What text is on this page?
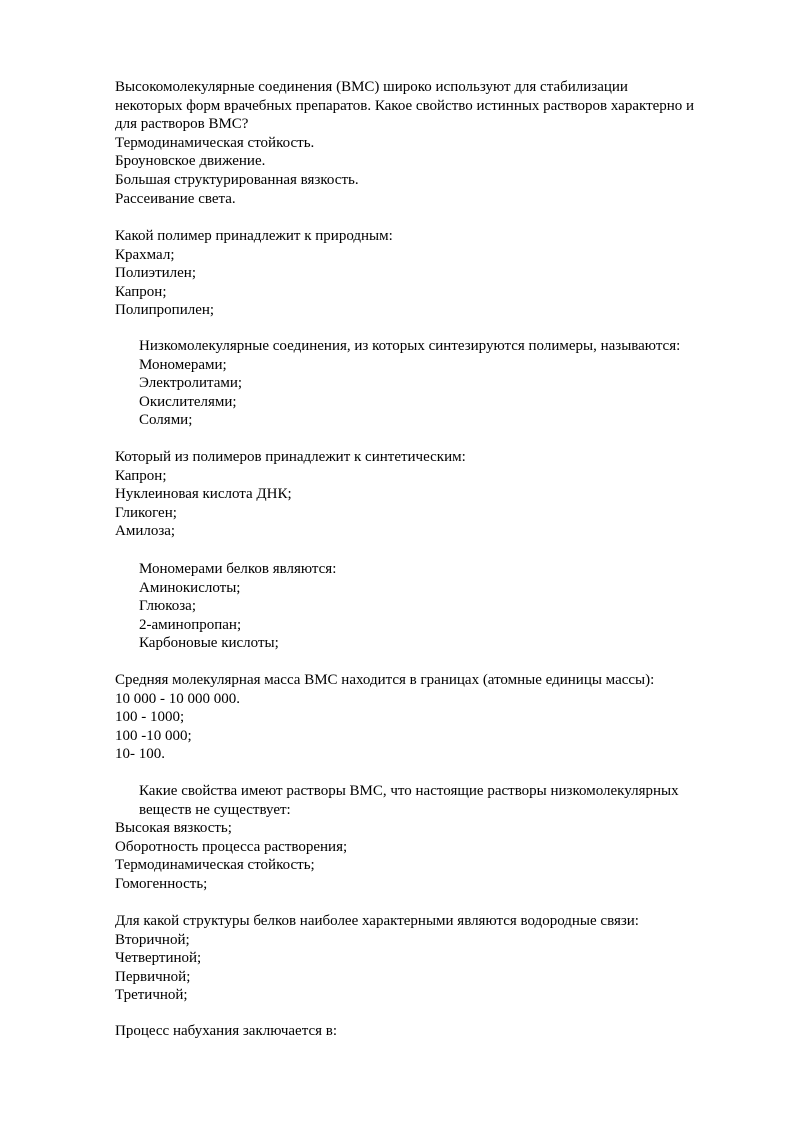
Высокомолекулярные соединения (ВМС) широко используют для стабилизации
некоторых форм врачебных препаратов. Какое свойство истинных растворов характерно и
для растворов ВМС?
Термодинамическая стойкость.
Броуновское движение.
Большая структурированная вязкость.
Рассеивание света.
Какой полимер принадлежит к природным:
Крахмал;
Полиэтилен;
Капрон;
Полипропилен;
Низкомолекулярные соединения, из которых синтезируются полимеры, называются:
Мономерами;
Электролитами;
Окислителями;
Солями;
Который из полимеров принадлежит к синтетическим:
Капрон;
Нуклеиновая кислота ДНК;
Гликоген;
Амилоза;
Мономерами белков являются:
Аминокислоты;
Глюкоза;
2-аминопропан;
Карбоновые кислоты;
Средняя молекулярная масса ВМС находится в границах (атомные единицы массы):
10 000 - 10 000 000.
100 - 1000;
100 -10 000;
10- 100.
Какие свойства имеют растворы ВМС, что настоящие растворы низкомолекулярных
веществ не существует:
Высокая вязкость;
Оборотность процесса растворения;
Термодинамическая стойкость;
Гомогенность;
Для какой структуры белков наиболее характерными являются водородные связи:
Вторичной;
Четвертиной;
Первичной;
Третичной;
Процесс набухания заключается в:
